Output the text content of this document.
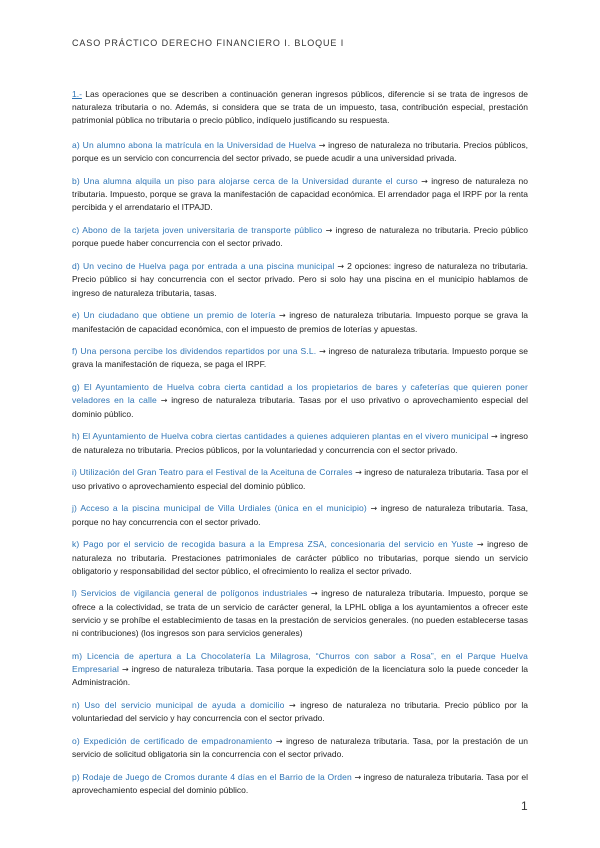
CASO PRÁCTICO DERECHO FINANCIERO I. BLOQUE I

1.- Las operaciones que se describen a continuación generan ingresos públicos, diferencie si se trata de ingresos de naturaleza tributaria o no. Además, si considera que se trata de un impuesto, tasa, contribución especial, prestación patrimonial pública no tributaria o precio público, indíquelo justificando su respuesta.

a) Un alumno abona la matrícula en la Universidad de Huelva → ingreso de naturaleza no tributaria. Precios públicos, porque es un servicio con concurrencia del sector privado, se puede acudir a una universidad privada.

b) Una alumna alquila un piso para alojarse cerca de la Universidad durante el curso → ingreso de naturaleza no tributaria. Impuesto, porque se grava la manifestación de capacidad económica. El arrendador paga el IRPF por la renta percibida y el arrendatario el ITPAJD.

c) Abono de la tarjeta joven universitaria de transporte público → ingreso de naturaleza no tributaria. Precio público porque puede haber concurrencia con el sector privado.

d) Un vecino de Huelva paga por entrada a una piscina municipal → 2 opciones: ingreso de naturaleza no tributaria. Precio público si hay concurrencia con el sector privado. Pero si solo hay una piscina en el municipio hablamos de ingreso de naturaleza tributaria, tasas.

e) Un ciudadano que obtiene un premio de lotería → ingreso de naturaleza tributaria. Impuesto porque se grava la manifestación de capacidad económica, con el impuesto de premios de loterías y apuestas.

f) Una persona percibe los dividendos repartidos por una S.L. → ingreso de naturaleza tributaria. Impuesto porque se grava la manifestación de riqueza, se paga el IRPF.

g) El Ayuntamiento de Huelva cobra cierta cantidad a los propietarios de bares y cafeterías que quieren poner veladores en la calle → ingreso de naturaleza tributaria. Tasas por el uso privativo o aprovechamiento especial del dominio público.

h) El Ayuntamiento de Huelva cobra ciertas cantidades a quienes adquieren plantas en el vivero municipal → ingreso de naturaleza no tributaria. Precios públicos, por la voluntariedad y concurrencia con el sector privado.

i) Utilización del Gran Teatro para el Festival de la Aceituna de Corrales → ingreso de naturaleza tributaria. Tasa por el uso privativo o aprovechamiento especial del dominio público.

j) Acceso a la piscina municipal de Villa Urdiales (única en el municipio) → ingreso de naturaleza tributaria. Tasa, porque no hay concurrencia con el sector privado.

k) Pago por el servicio de recogida basura a la Empresa ZSA, concesionaria del servicio en Yuste → ingreso de naturaleza no tributaria. Prestaciones patrimoniales de carácter público no tributarias, porque siendo un servicio obligatorio y responsabilidad del sector público, el ofrecimiento lo realiza el sector privado.

l) Servicios de vigilancia general de polígonos industriales → ingreso de naturaleza tributaria. Impuesto, porque se ofrece a la colectividad, se trata de un servicio de carácter general, la LPHL obliga a los ayuntamientos a ofrecer este servicio y se prohíbe el establecimiento de tasas en la prestación de servicios generales. (no pueden establecerse tasas ni contribuciones) (los ingresos son para servicios generales)

m) Licencia de apertura a La Chocolatería La Milagrosa, “Churros con sabor a Rosa”, en el Parque Huelva Empresarial → ingreso de naturaleza tributaria. Tasa porque la expedición de la licenciatura solo la puede conceder la Administración.

n) Uso del servicio municipal de ayuda a domicilio → ingreso de naturaleza no tributaria. Precio público por la voluntariedad del servicio y hay concurrencia con el sector privado.

o) Expedición de certificado de empadronamiento → ingreso de naturaleza tributaria. Tasa, por la prestación de un servicio de solicitud obligatoria sin la concurrencia con el sector privado.

p) Rodaje de Juego de Cromos durante 4 días en el Barrio de la Orden → ingreso de naturaleza tributaria. Tasa por el aprovechamiento especial del dominio público.

1
